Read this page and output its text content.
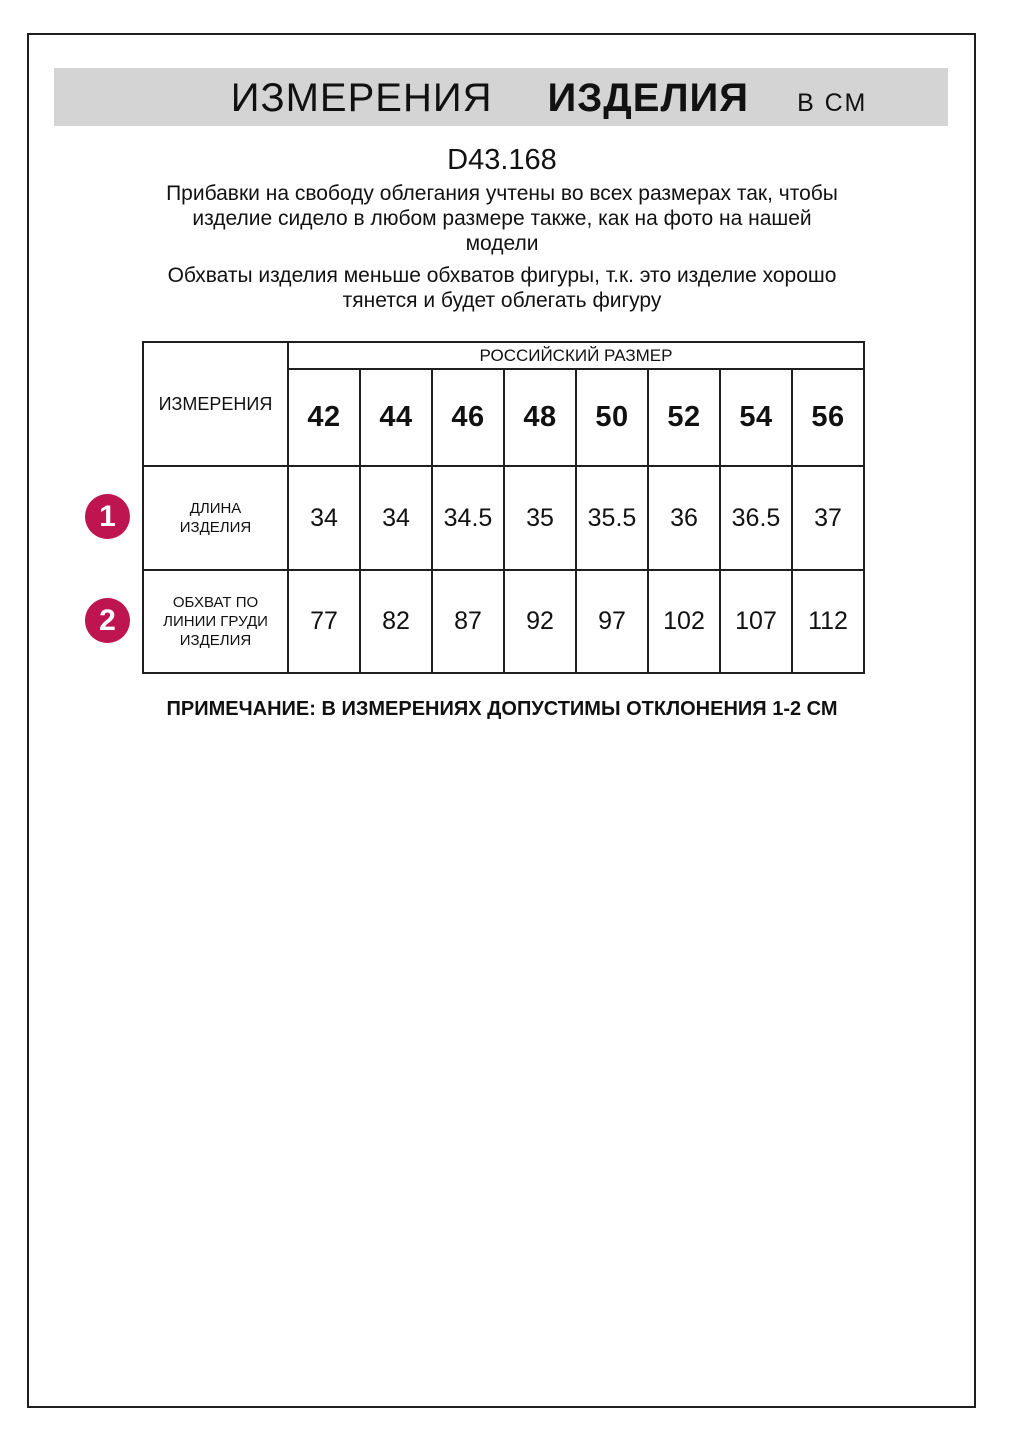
ИЗМЕРЕНИЯ ИЗДЕЛИЯ В СМ
D43.168
Прибавки на свободу облегания учтены во всех размерах так, чтобы
изделие сидело в любом размере также, как на фото на нашей
модели
Обхваты изделия меньше обхватов фигуры, т.к. это изделие хорошо
тянется и будет облегать фигуру
ИЗМЕРЕНИЯ	РОССИЙСКИЙ РАЗМЕР							
	42	44	46	48	50	52	54	56
ДЛИНА ИЗДЕЛИЯ	34	34	34.5	35	35.5	36	36.5	37
ОБХВАТ ПО ЛИНИИ ГРУДИ ИЗДЕЛИЯ	77	82	87	92	97	102	107	112
1
2
ПРИМЕЧАНИЕ: В ИЗМЕРЕНИЯХ ДОПУСТИМЫ ОТКЛОНЕНИЯ 1-2 СМ
